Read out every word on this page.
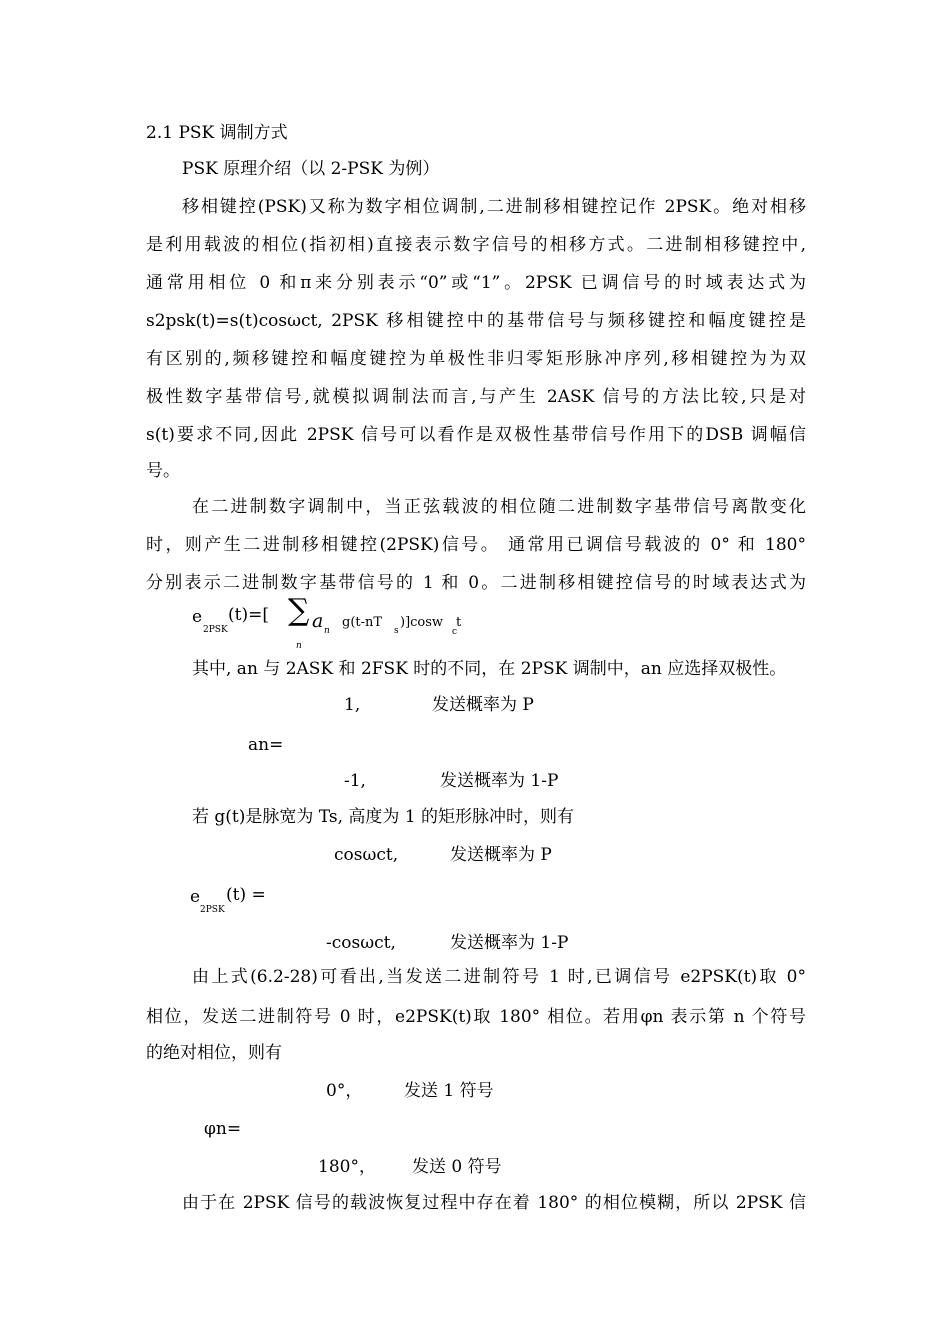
2.1 PSK 调制方式
PSK 原理介绍（以 2-PSK 为例）
移相键控(PSK)又称为数字相位调制,二进制移相键控记作 2PSK。绝对相移
是利用载波的相位(指初相)直接表示数字信号的相移方式。二进制相移键控中,
通常用相位 0 和π来分别表示“0”或“1”。2PSK 已调信号的时域表达式为
s2psk(t)=s(t)cosωct, 2PSK 移相键控中的基带信号与频移键控和幅度键控是
有区别的,频移键控和幅度键控为单极性非归零矩形脉冲序列,移相键控为为双
极性数字基带信号,就模拟调制法而言,与产生 2ASK 信号的方法比较,只是对
s(t)要求不同,因此 2PSK 信号可以看作是双极性基带信号作用下的DSB 调幅信
号。
在二进制数字调制中，当正弦载波的相位随二进制数字基带信号离散变化
时，则产生二进制移相键控(2PSK)信号。 通常用已调信号载波的 0° 和 180°
分别表示二进制数字基带信号的 1 和 0。二进制移相键控信号的时域表达式为
e
2PSK
(t)=[ ∑ a n
n
g(t-nT
s
)]cosw t
c
其中, an 与 2ASK 和 2FSK 时的不同，在 2PSK 调制中，an 应选择双极性。
1,	发送概率为 P
an=
-1,	发送概率为 1-P
若 g(t)是脉宽为 Ts, 高度为 1 的矩形脉冲时，则有
cosωct,	发送概率为 P
e
2PSK
(t) =
-cosωct,	发送概率为 1-P
由上式(6.2-28)可看出,当发送二进制符号 1 时,已调信号 e2PSK(t)取 0°
相位，发送二进制符号 0 时，e2PSK(t)取 180° 相位。若用φn 表示第 n 个符号
的绝对相位，则有
0°， 发送 1 符号
φn=
180°， 发送 0 符号
由于在 2PSK 信号的载波恢复过程中存在着 180° 的相位模糊，所以 2PSK 信
